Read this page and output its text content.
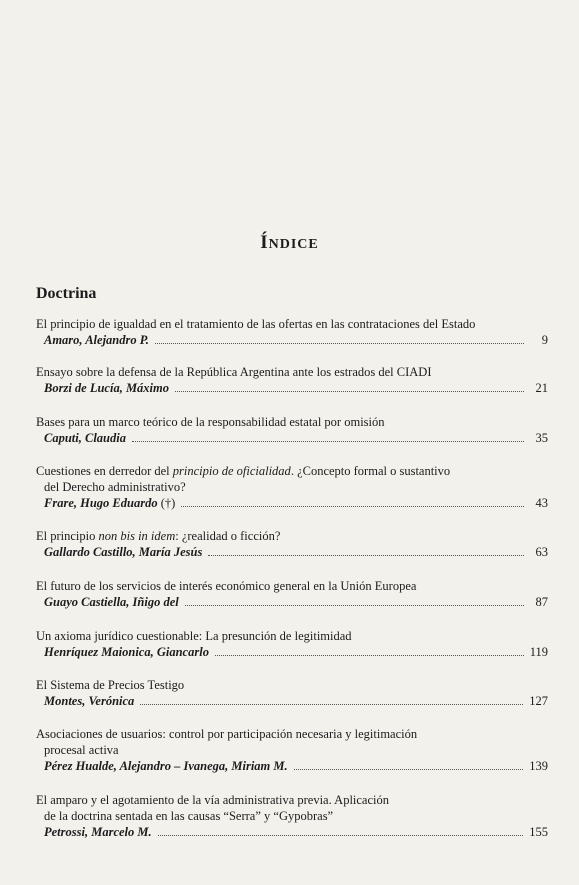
ÍNDICE
Doctrina
El principio de igualdad en el tratamiento de las ofertas en las contrataciones del Estado
Amaro, Alejandro P.	9
Ensayo sobre la defensa de la República Argentina ante los estrados del CIADI
Borzi de Lucía, Máximo	21
Bases para un marco teórico de la responsabilidad estatal por omisión
Caputi, Claudia	35
Cuestiones en derredor del principio de oficialidad. ¿Concepto formal o sustantivo
del Derecho administrativo?
Frare, Hugo Eduardo (†)	43
El principio non bis in idem: ¿realidad o ficción?
Gallardo Castillo, María Jesús	63
El futuro de los servicios de interés económico general en la Unión Europea
Guayo Castiella, Iñigo del	87
Un axioma jurídico cuestionable: La presunción de legitimidad
Henríquez Maionica, Giancarlo	119
El Sistema de Precios Testigo
Montes, Verónica	127
Asociaciones de usuarios: control por participación necesaria y legitimación
procesal activa
Pérez Hualde, Alejandro – Ivanega, Miriam M.	139
El amparo y el agotamiento de la vía administrativa previa. Aplicación
de la doctrina sentada en las causas “Serra” y “Gypobras”
Petrossi, Marcelo M.	155
